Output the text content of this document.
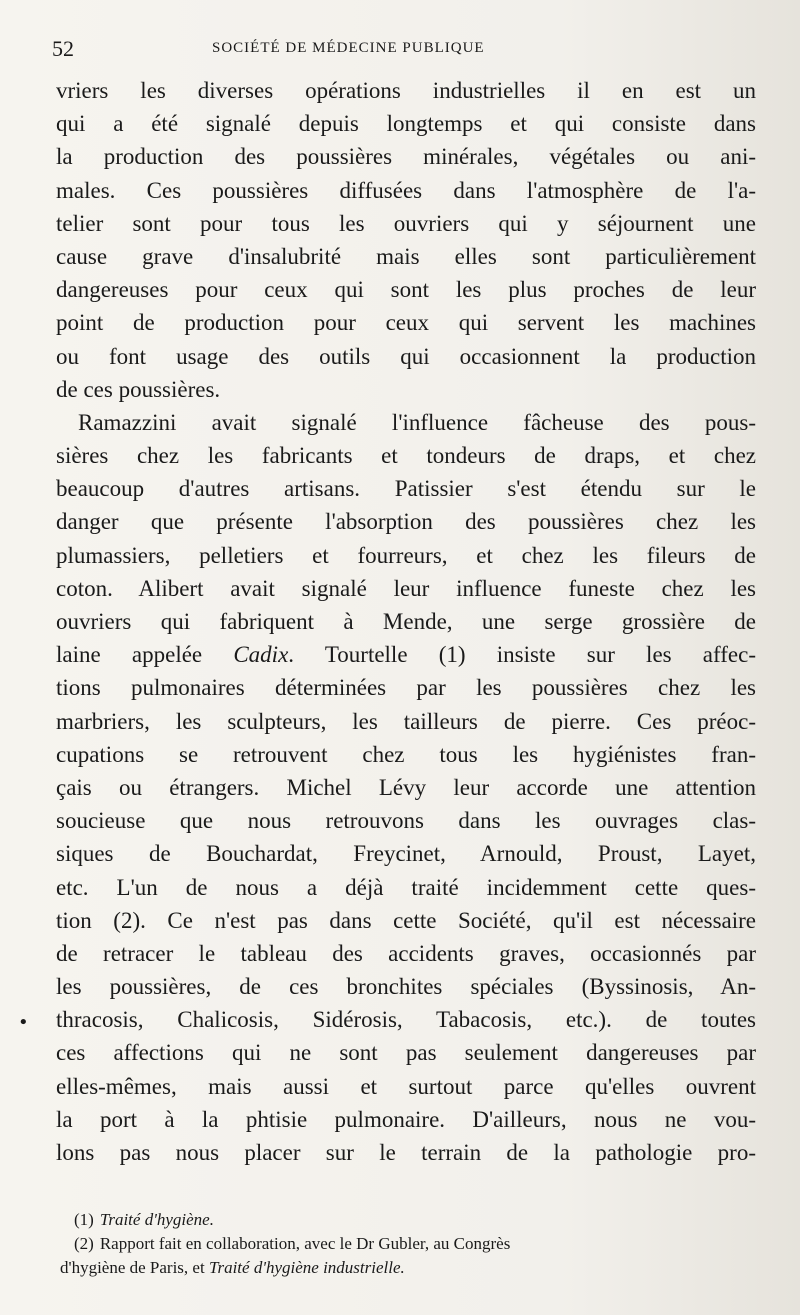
52	SOCIÉTÉ DE MÉDECINE PUBLIQUE
vriers les diverses opérations industrielles il en est un
qui a été signalé depuis longtemps et qui consiste dans
la production des poussières minérales, végétales ou ani-
males. Ces poussières diffusées dans l'atmosphère de l'a-
telier sont pour tous les ouvriers qui y séjournent une
cause grave d'insalubrité mais elles sont particulièrement
dangereuses pour ceux qui sont les plus proches de leur
point de production pour ceux qui servent les machines
ou font usage des outils qui occasionnent la production
de ces poussières.
Ramazzini avait signalé l'influence fâcheuse des pous-
sières chez les fabricants et tondeurs de draps, et chez
beaucoup d'autres artisans. Patissier s'est étendu sur le
danger que présente l'absorption des poussières chez les
plumassiers, pelletiers et fourreurs, et chez les fileurs de
coton. Alibert avait signalé leur influence funeste chez les
ouvriers qui fabriquent à Mende, une serge grossière de
laine appelée Cadix. Tourtelle (1) insiste sur les affec-
tions pulmonaires déterminées par les poussières chez les
marbriers, les sculpteurs, les tailleurs de pierre. Ces préoc-
cupations se retrouvent chez tous les hygiénistes fran-
çais ou étrangers. Michel Lévy leur accorde une attention
soucieuse que nous retrouvons dans les ouvrages clas-
siques de Bouchardat, Freycinet, Arnould, Proust, Layet,
etc. L'un de nous a déjà traité incidemment cette ques-
tion (2). Ce n'est pas dans cette Société, qu'il est nécessaire
de retracer le tableau des accidents graves, occasionnés par
les poussières, de ces bronchites spéciales (Byssinosis, An-
thracosis, Chalicosis, Sidérosis, Tabacosis, etc.). de toutes
ces affections qui ne sont pas seulement dangereuses par
elles-mêmes, mais aussi et surtout parce qu'elles ouvrent
la port à la phtisie pulmonaire. D'ailleurs, nous ne vou-
lons pas nous placer sur le terrain de la pathologie pro-
•
(1) Traité d'hygiène.
(2) Rapport fait en collaboration, avec le Dr Gubler, au Congrès
d'hygiène de Paris, et Traité d'hygiène industrielle.
